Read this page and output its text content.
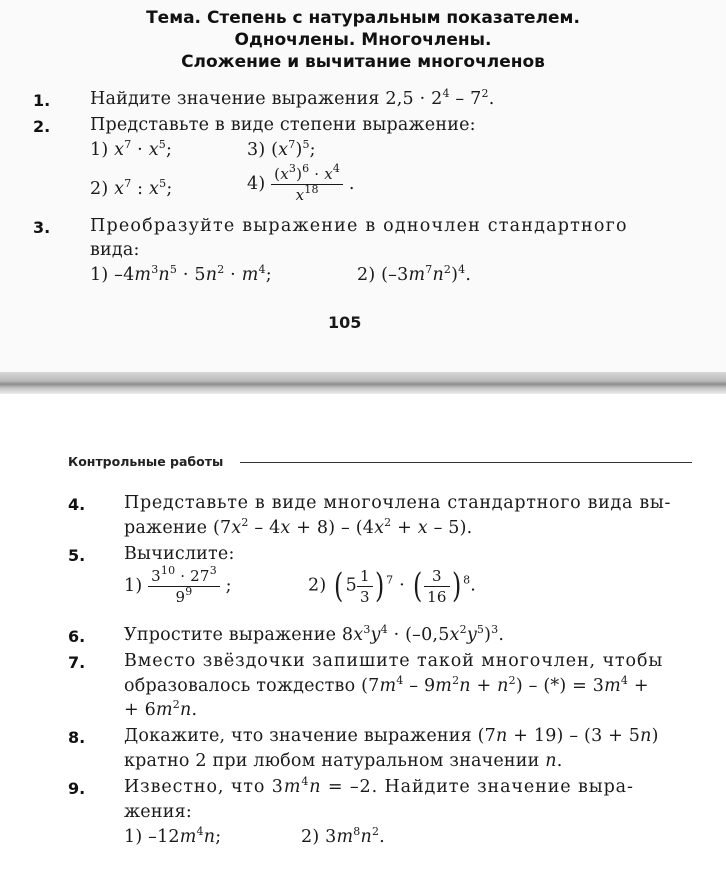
Тема. Степень с натуральным показателем.
Одночлены. Многочлены.
Сложение и вычитание многочленов
1. Найдите значение выражения $2,5 \cdot 2^4 - 7^2$.
2. Представьте в виде степени выражение:
1) $x^7 \cdot x^5$;	3) $(x^7)^5$;
2) $x^7$ : $x^5$;	$4) \frac{(x^3)^6 \cdot x^4}{x^{18}}$ .
3. Преобразуйте выражение в одночлен стандартного
вида:
1) $-4m^3n^5 \cdot 5n^2 \cdot m^4$;	2) $(-3m^7n^2)^4$.
105
Контрольные работы
4. Представьте в виде многочлена стандартного вида вы-
ражение $(7x^2 - 4x + 8) - (4x^2 + x - 5)$.
5. Вычислите:
$1) \frac{3^{10} \cdot 27^3}{9^9}$ ;	2) ( $5 \frac{1}{3}$ ) $^7$ · ( $\frac{3}{16}$ ) $^8$.
6. Упростите выражение $8x^3y^4 \cdot (-0,5x^2y^5)^3$.
7. Вместо звёздочки запишите такой многочлен, чтобы
образовалось тождество $(7m^4 - 9m^2n + n^2)$ – (*) = $3m^4$ +
+ $6m^2n$.
8. Докажите, что значение выражения (7n + 19) – (3 + 5n)
кратно 2 при любом натуральном значении n.
9. Известно, что $3m^4n = -2$. Найдите значение выра-
жения:
1) $-12m^4n$;	2) $3m^8n^2$.
